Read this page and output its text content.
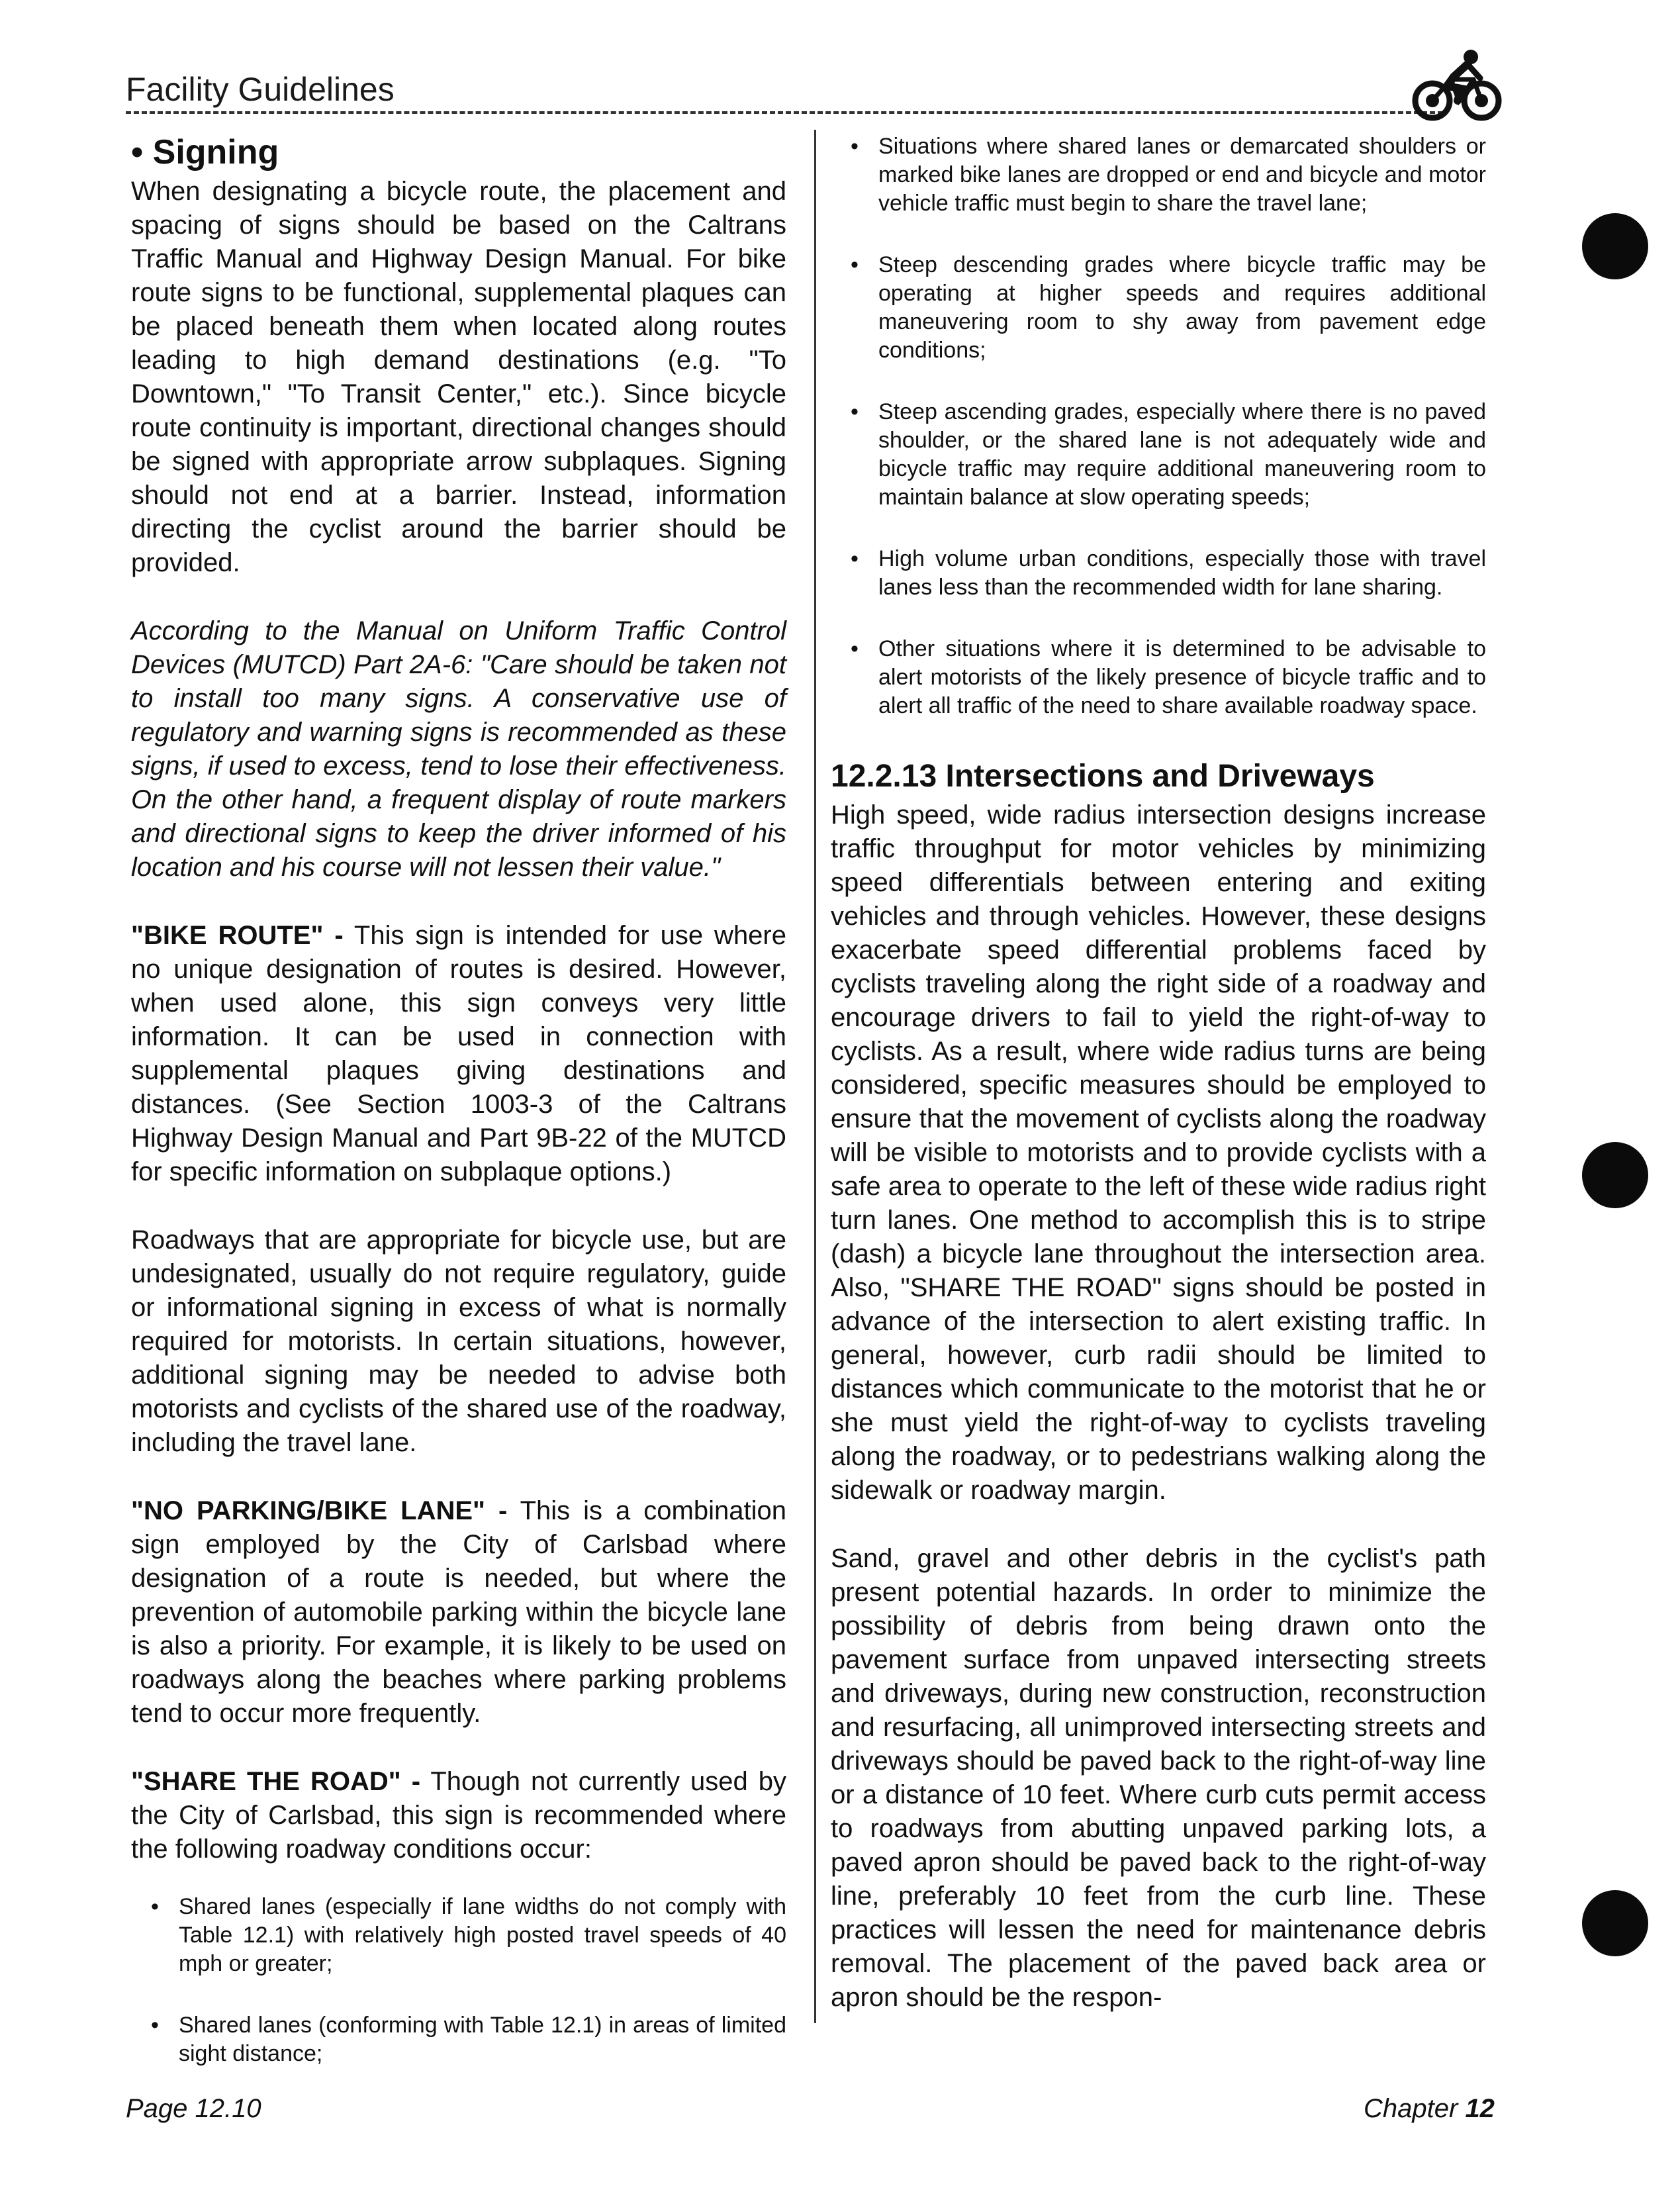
Facility Guidelines
• Signing

When designating a bicycle route, the placement and spacing of signs should be based on the Caltrans Traffic Manual and Highway Design Manual. For bike route signs to be functional, supplemental plaques can be placed beneath them when located along routes leading to high demand destinations (e.g. "To Downtown," "To Transit Center," etc.). Since bicycle route continuity is important, directional changes should be signed with appropriate arrow subplaques. Signing should not end at a barrier. Instead, information directing the cyclist around the barrier should be provided.

According to the Manual on Uniform Traffic Control Devices (MUTCD) Part 2A-6: "Care should be taken not to install too many signs. A conservative use of regulatory and warning signs is recommended as these signs, if used to excess, tend to lose their effectiveness. On the other hand, a frequent display of route markers and directional signs to keep the driver informed of his location and his course will not lessen their value."

"BIKE ROUTE" - This sign is intended for use where no unique designation of routes is desired. However, when used alone, this sign conveys very little information. It can be used in connection with supplemental plaques giving destinations and distances. (See Section 1003-3 of the Caltrans Highway Design Manual and Part 9B-22 of the MUTCD for specific information on subplaque options.)

Roadways that are appropriate for bicycle use, but are undesignated, usually do not require regulatory, guide or informational signing in excess of what is normally required for motorists. In certain situations, however, additional signing may be needed to advise both motorists and cyclists of the shared use of the roadway, including the travel lane.

"NO PARKING/BIKE LANE" - This is a combination sign employed by the City of Carlsbad where designation of a route is needed, but where the prevention of automobile parking within the bicycle lane is also a priority. For example, it is likely to be used on roadways along the beaches where parking problems tend to occur more frequently.

"SHARE THE ROAD" - Though not currently used by the City of Carlsbad, this sign is recommended where the following roadway conditions occur:

• Shared lanes (especially if lane widths do not comply with Table 12.1) with relatively high posted travel speeds of 40 mph or greater;
• Shared lanes (conforming with Table 12.1) in areas of limited sight distance;
• Situations where shared lanes or demarcated shoulders or marked bike lanes are dropped or end and bicycle and motor vehicle traffic must begin to share the travel lane;
• Steep descending grades where bicycle traffic may be operating at higher speeds and requires additional maneuvering room to shy away from pavement edge conditions;
• Steep ascending grades, especially where there is no paved shoulder, or the shared lane is not adequately wide and bicycle traffic may require additional maneuvering room to maintain balance at slow operating speeds;
• High volume urban conditions, especially those with travel lanes less than the recommended width for lane sharing.
• Other situations where it is determined to be advisable to alert motorists of the likely presence of bicycle traffic and to alert all traffic of the need to share available roadway space.
12.2.13 Intersections and Driveways

High speed, wide radius intersection designs increase traffic throughput for motor vehicles by minimizing speed differentials between entering and exiting vehicles and through vehicles. However, these designs exacerbate speed differential problems faced by cyclists traveling along the right side of a roadway and encourage drivers to fail to yield the right-of-way to cyclists. As a result, where wide radius turns are being considered, specific measures should be employed to ensure that the movement of cyclists along the roadway will be visible to motorists and to provide cyclists with a safe area to operate to the left of these wide radius right turn lanes. One method to accomplish this is to stripe (dash) a bicycle lane throughout the intersection area. Also, "SHARE THE ROAD" signs should be posted in advance of the intersection to alert existing traffic. In general, however, curb radii should be limited to distances which communicate to the motorist that he or she must yield the right-of-way to cyclists traveling along the roadway, or to pedestrians walking along the sidewalk or roadway margin.

Sand, gravel and other debris in the cyclist's path present potential hazards. In order to minimize the possibility of debris from being drawn onto the pavement surface from unpaved intersecting streets and driveways, during new construction, reconstruction and resurfacing, all unimproved intersecting streets and driveways should be paved back to the right-of-way line or a distance of 10 feet. Where curb cuts permit access to roadways from abutting unpaved parking lots, a paved apron should be paved back to the right-of-way line, preferably 10 feet from the curb line. These practices will lessen the need for maintenance debris removal. The placement of the paved back area or apron should be the respon-

Page 12.10	Chapter 12
